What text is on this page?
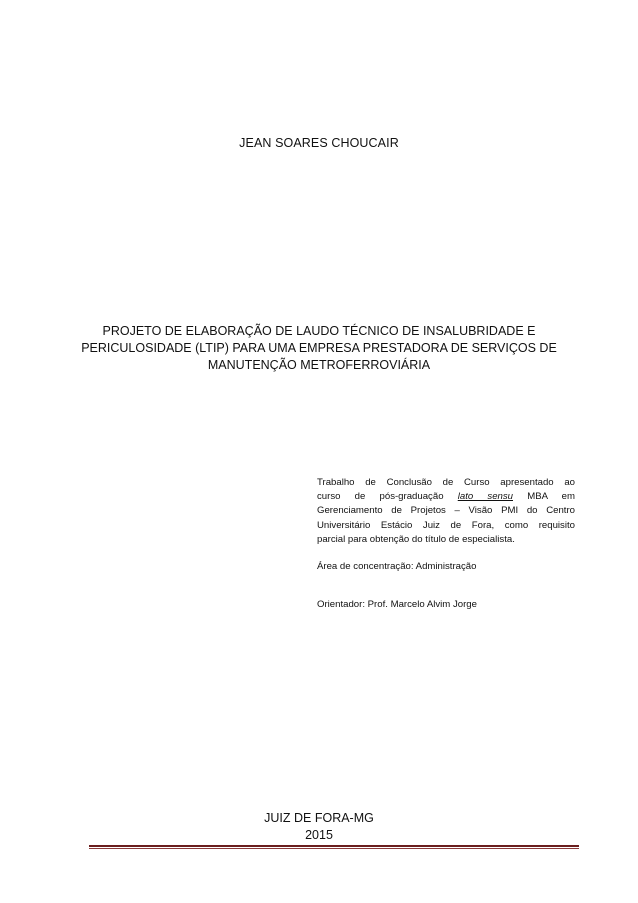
JEAN SOARES CHOUCAIR
PROJETO DE ELABORAÇÃO DE LAUDO TÉCNICO DE INSALUBRIDADE E
PERICULOSIDADE (LTIP) PARA UMA EMPRESA PRESTADORA DE SERVIÇOS DE
MANUTENÇÃO METROFERROVIÁRIA
Trabalho de Conclusão de Curso apresentado ao
curso de pós-graduação lato sensu MBA em
Gerenciamento de Projetos – Visão PMI do Centro
Universitário Estácio Juiz de Fora, como requisito
parcial para obtenção do título de especialista.
Área de concentração: Administração
Orientador: Prof. Marcelo Alvim Jorge
JUIZ DE FORA-MG
2015
